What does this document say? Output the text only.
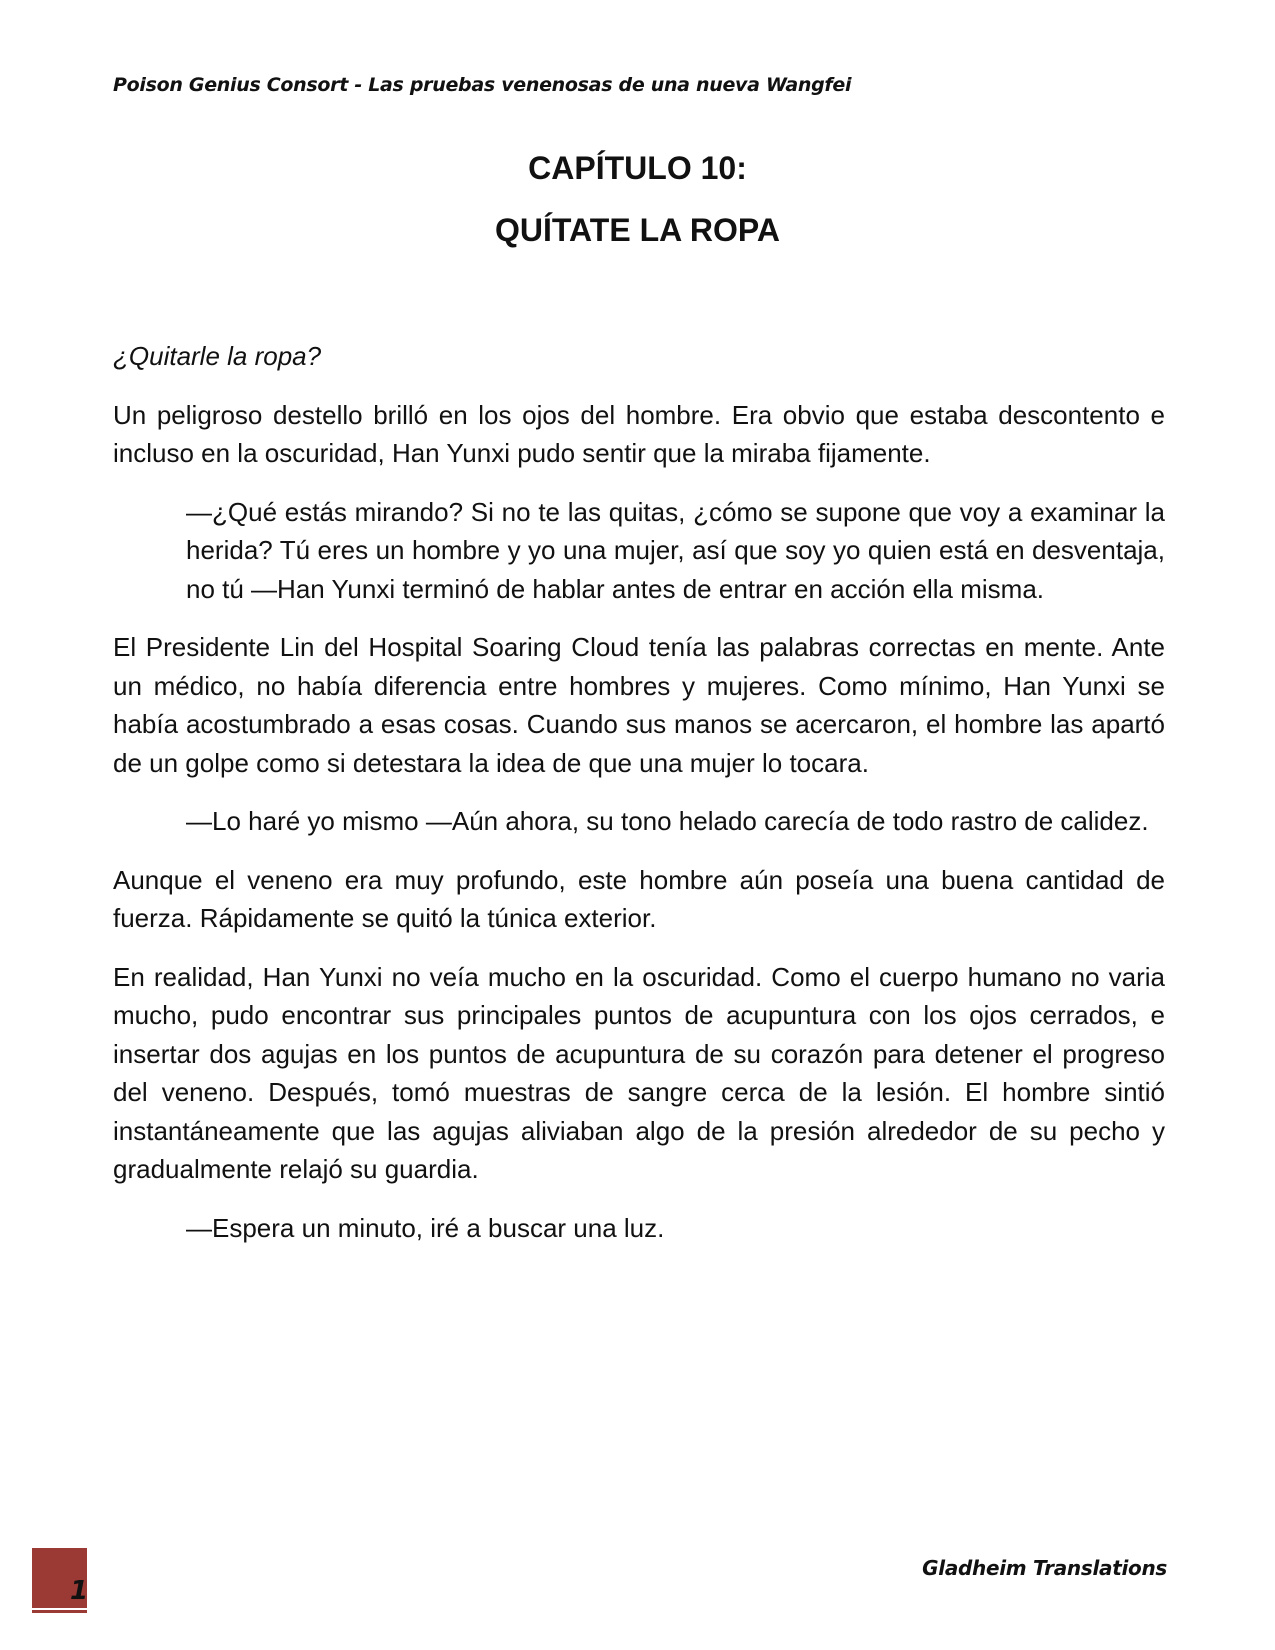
Poison Genius Consort - Las pruebas venenosas de una nueva Wangfei

CAPÍTULO 10:

QUÍTATE LA ROPA

¿Quitarle la ropa?

Un peligroso destello brilló en los ojos del hombre. Era obvio que estaba descontento e incluso en la oscuridad, Han Yunxi pudo sentir que la miraba fijamente.

—¿Qué estás mirando? Si no te las quitas, ¿cómo se supone que voy a examinar la herida? Tú eres un hombre y yo una mujer, así que soy yo quien está en desventaja, no tú —Han Yunxi terminó de hablar antes de entrar en acción ella misma.

El Presidente Lin del Hospital Soaring Cloud tenía las palabras correctas en mente. Ante un médico, no había diferencia entre hombres y mujeres. Como mínimo, Han Yunxi se había acostumbrado a esas cosas. Cuando sus manos se acercaron, el hombre las apartó de un golpe como si detestara la idea de que una mujer lo tocara.

—Lo haré yo mismo —Aún ahora, su tono helado carecía de todo rastro de calidez.

Aunque el veneno era muy profundo, este hombre aún poseía una buena cantidad de fuerza. Rápidamente se quitó la túnica exterior.

En realidad, Han Yunxi no veía mucho en la oscuridad. Como el cuerpo humano no varia mucho, pudo encontrar sus principales puntos de acupuntura con los ojos cerrados, e insertar dos agujas en los puntos de acupuntura de su corazón para detener el progreso del veneno. Después, tomó muestras de sangre cerca de la lesión. El hombre sintió instantáneamente que las agujas aliviaban algo de la presión alrededor de su pecho y gradualmente relajó su guardia.

—Espera un minuto, iré a buscar una luz.

1
Gladheim Translations
